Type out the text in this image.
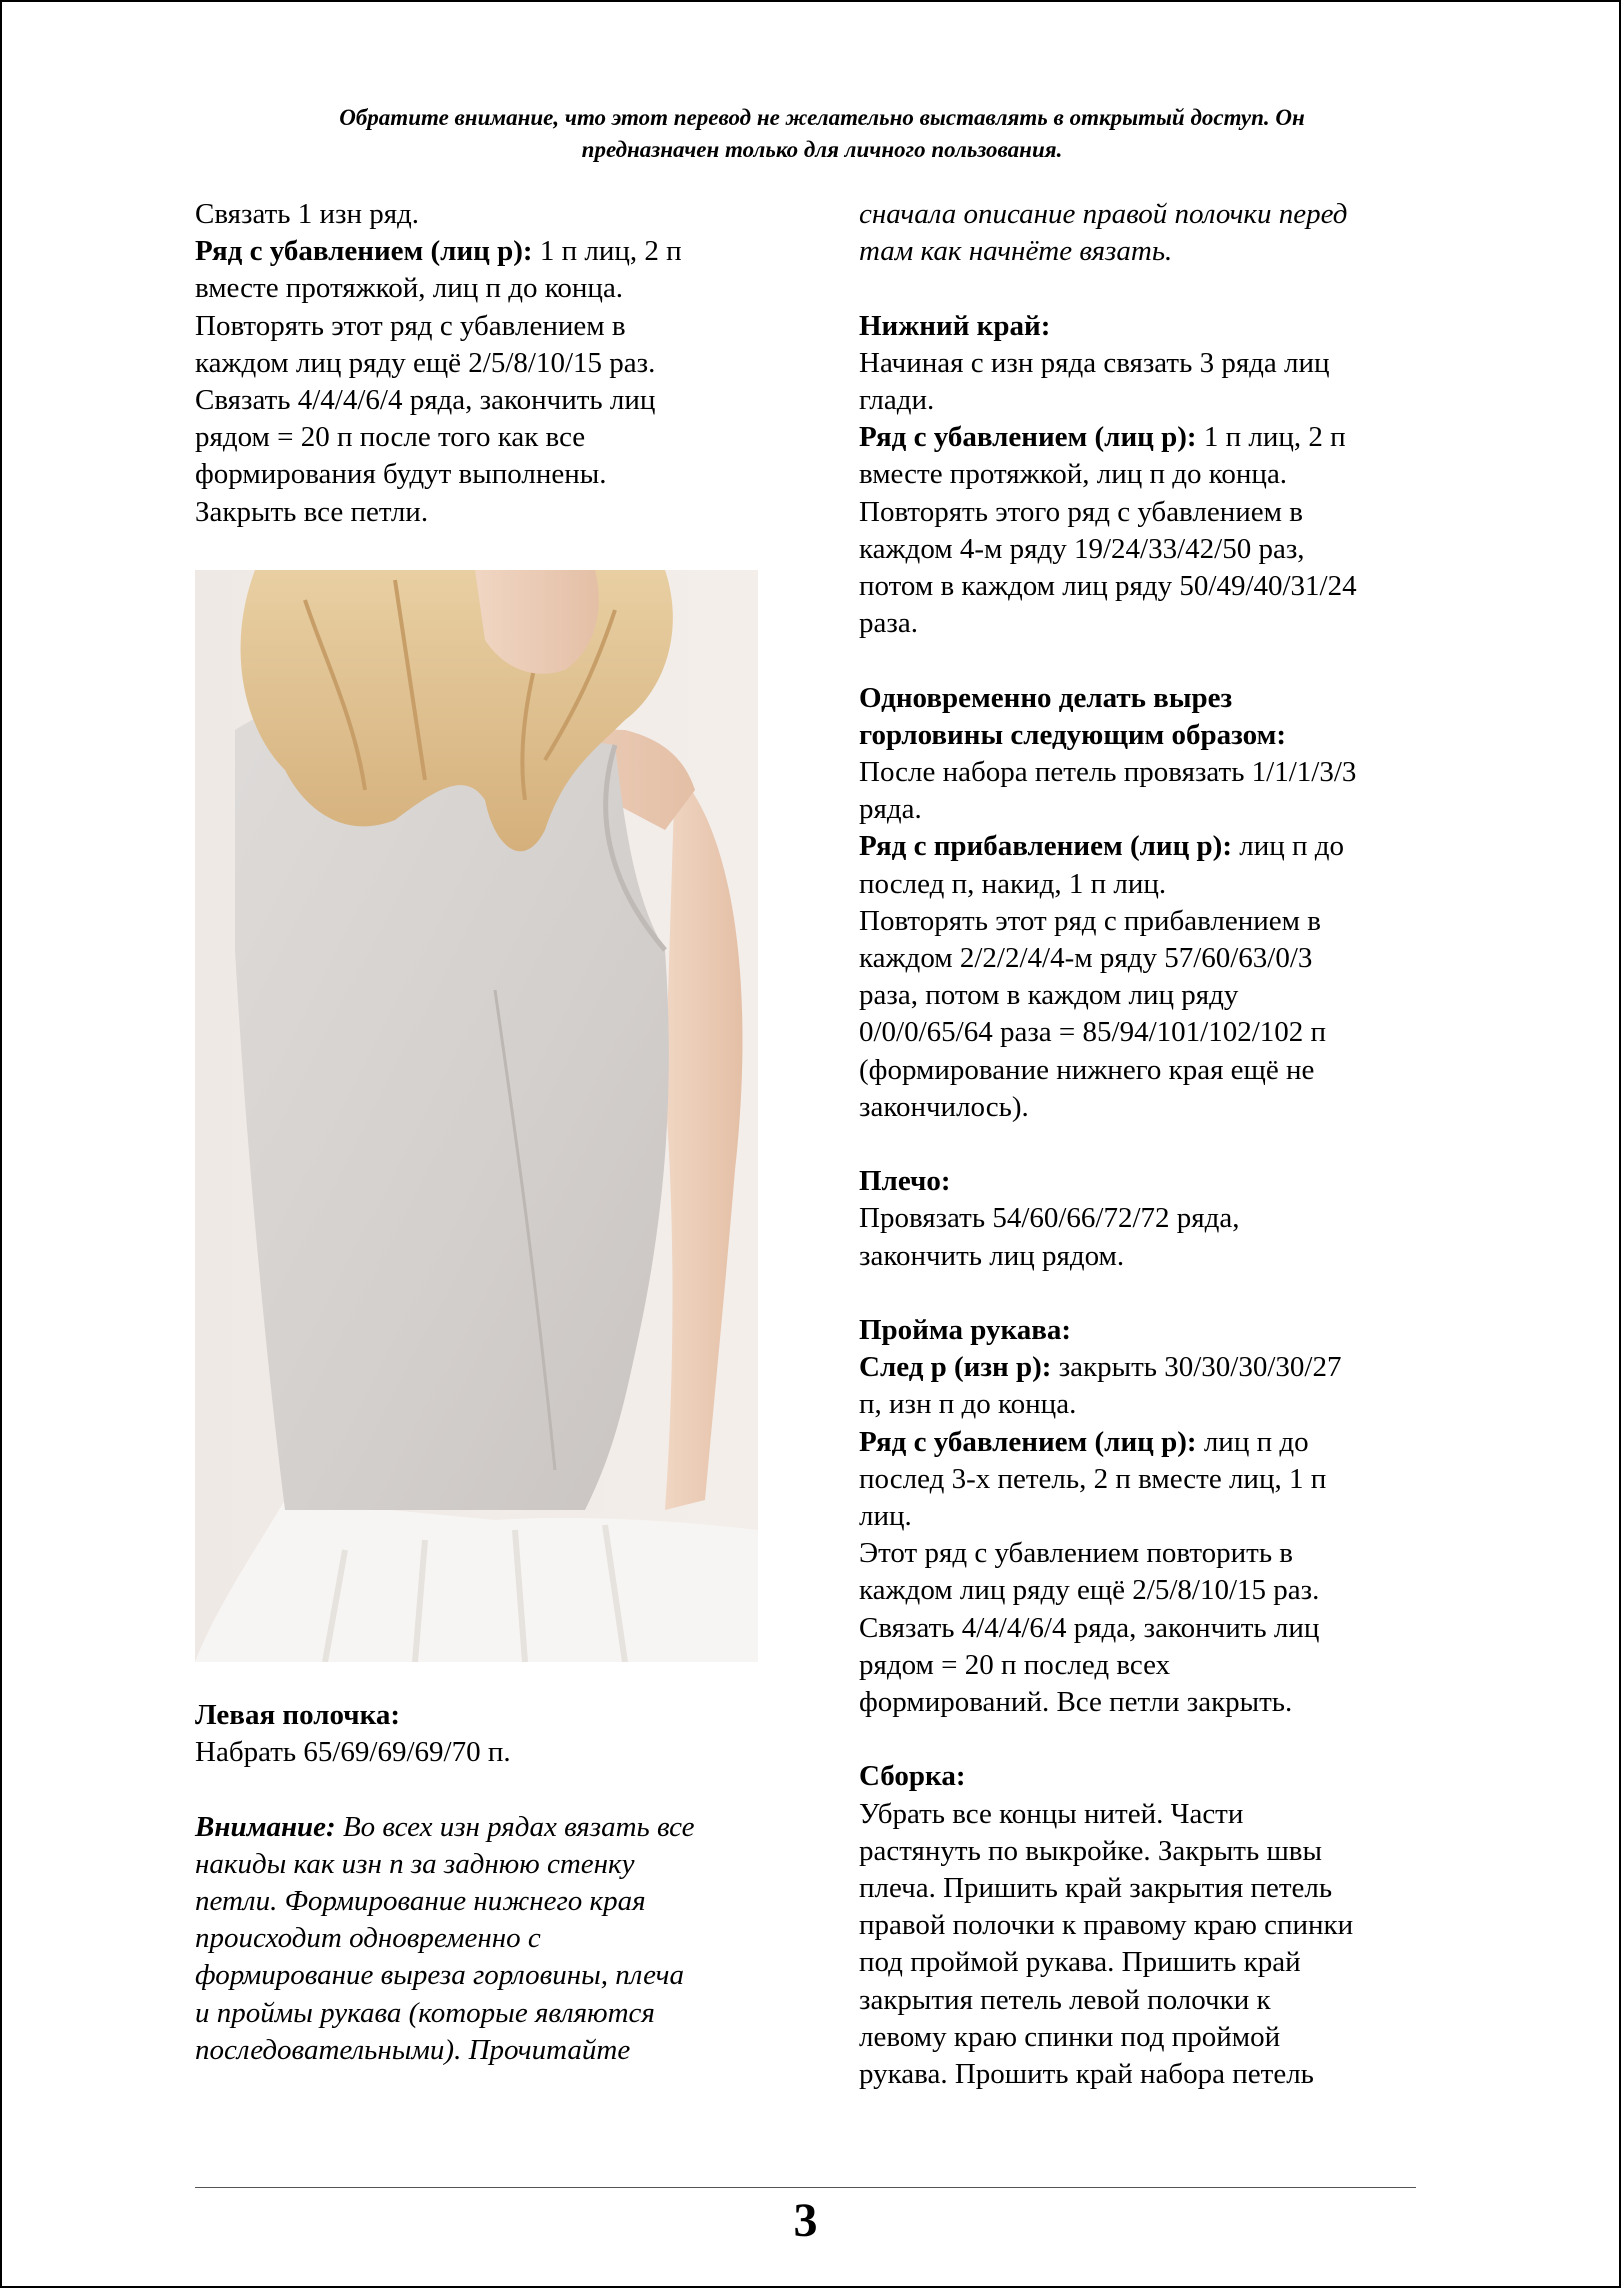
Обратите внимание, что этот перевод не желательно выставлять в открытый доступ. Он
предназначен только для личного пользования.

Связать 1 изн ряд.

Ряд с убавлением (лиц р): 1 п лиц, 2 п

вместе протяжкой, лиц п до конца.

Повторять этот ряд с убавлением в

каждом лиц ряду ещё 2/5/8/10/15 раз.

Связать 4/4/4/6/4 ряда, закончить лиц

рядом = 20 п после того как все

формирования будут выполнены.

Закрыть все петли.

Левая полочка:

Набрать 65/69/69/69/70 п.

Внимание: Во всех изн рядах вязать все

накиды как изн п за заднюю стенку

петли. Формирование нижнего края

происходит одновременно с

формирование выреза горловины, плеча

и проймы рукава (которые являются

последовательными). Прочитайте

сначала описание правой полочки перед

там как начнёте вязать.

Нижний край:

Начиная с изн ряда связать 3 ряда лиц

глади.

Ряд с убавлением (лиц р): 1 п лиц, 2 п

вместе протяжкой, лиц п до конца.

Повторять этого ряд с убавлением в

каждом 4-м ряду 19/24/33/42/50 раз,

потом в каждом лиц ряду 50/49/40/31/24

раза.

Одновременно делать вырез

горловины следующим образом:

После набора петель провязать 1/1/1/3/3

ряда.

Ряд с прибавлением (лиц р): лиц п до

послед п, накид, 1 п лиц.

Повторять этот ряд с прибавлением в

каждом 2/2/2/4/4-м ряду 57/60/63/0/3

раза, потом в каждом лиц ряду

0/0/0/65/64 раза = 85/94/101/102/102 п

(формирование нижнего края ещё не

закончилось).

Плечо:

Провязать 54/60/66/72/72 ряда,

закончить лиц рядом.

Пройма рукава:

След р (изн р): закрыть 30/30/30/30/27

п, изн п до конца.

Ряд с убавлением (лиц р): лиц п до

послед 3-х петель, 2 п вместе лиц, 1 п

лиц.

Этот ряд с убавлением повторить в

каждом лиц ряду ещё 2/5/8/10/15 раз.

Связать 4/4/4/6/4 ряда, закончить лиц

рядом = 20 п послед всех

формирований. Все петли закрыть.

Сборка:

Убрать все концы нитей. Части

растянуть по выкройке. Закрыть швы

плеча. Пришить край закрытия петель

правой полочки к правому краю спинки

под проймой рукава. Пришить край

закрытия петель левой полочки к

левому краю спинки под проймой

рукава. Прошить край набора петель

3
